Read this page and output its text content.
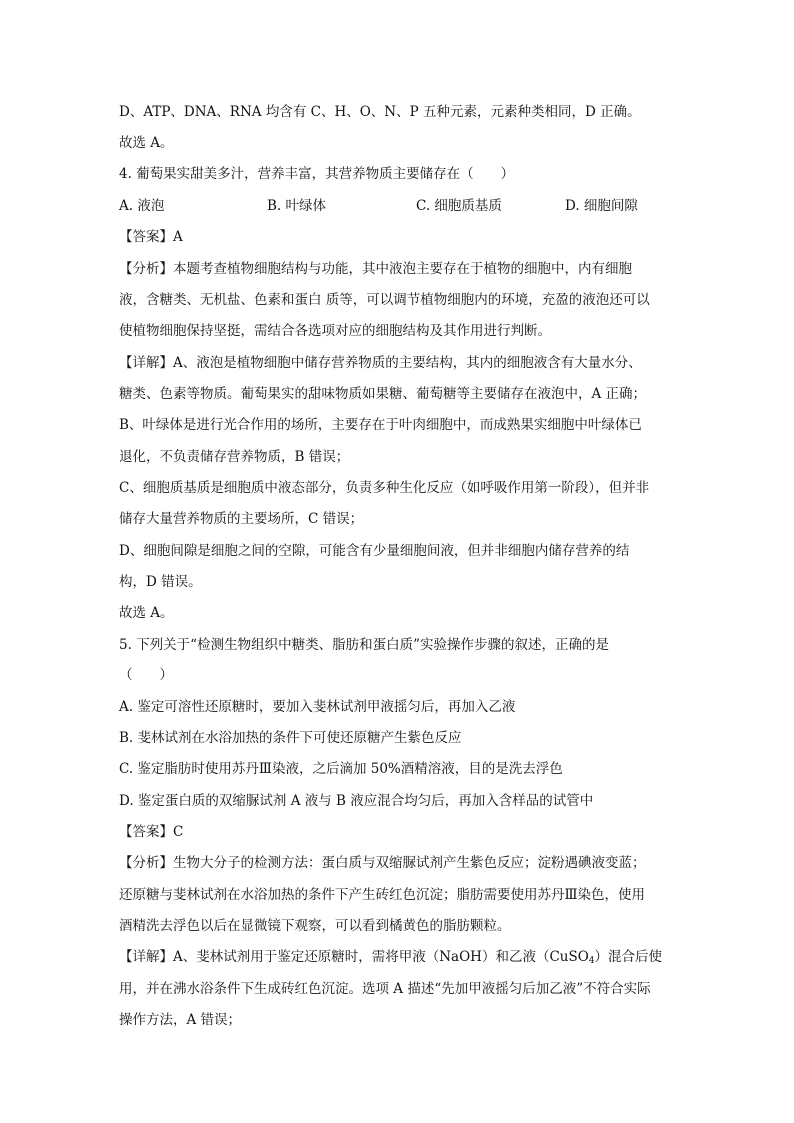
D、ATP、DNA、RNA 均含有 C、H、O、N、P 五种元素，元素种类相同，D 正确。
故选 A。
4. 葡萄果实甜美多汁，营养丰富，其营养物质主要储存在（　　）
A. 液泡	B. 叶绿体	C. 细胞质基质	D. 细胞间隙
【答案】A
【分析】本题考查植物细胞结构与功能，其中液泡主要存在于植物的细胞中，内有细胞
液，含糖类、无机盐、色素和蛋白 质等，可以调节植物细胞内的环境，充盈的液泡还可以
使植物细胞保持坚挺，需结合各选项对应的细胞结构及其作用进行判断。
【详解】A、液泡是植物细胞中储存营养物质的主要结构，其内的细胞液含有大量水分、
糖类、色素等物质。葡萄果实的甜味物质如果糖、葡萄糖等主要储存在液泡中，A 正确；
B、叶绿体是进行光合作用的场所，主要存在于叶肉细胞中，而成熟果实细胞中叶绿体已
退化，不负责储存营养物质，B 错误；
C、细胞质基质是细胞质中液态部分，负责多种生化反应（如呼吸作用第一阶段），但并非
储存大量营养物质的主要场所，C 错误；
D、细胞间隙是细胞之间的空隙，可能含有少量细胞间液，但并非细胞内储存营养的结
构，D 错误。
故选 A。
5. 下列关于“检测生物组织中糖类、脂肪和蛋白质”实验操作步骤的叙述，正确的是
（　　）
A. 鉴定可溶性还原糖时，要加入斐林试剂甲液摇匀后，再加入乙液
B. 斐林试剂在水浴加热的条件下可使还原糖产生紫色反应
C. 鉴定脂肪时使用苏丹Ⅲ染液，之后滴加 50%酒精溶液，目的是洗去浮色
D. 鉴定蛋白质的双缩脲试剂 A 液与 B 液应混合均匀后，再加入含样品的试管中
【答案】C
【分析】生物大分子的检测方法：蛋白质与双缩脲试剂产生紫色反应；淀粉遇碘液变蓝；
还原糖与斐林试剂在水浴加热的条件下产生砖红色沉淀；脂肪需要使用苏丹Ⅲ染色，使用
酒精洗去浮色以后在显微镜下观察，可以看到橘黄色的脂肪颗粒。
【详解】A、斐林试剂用于鉴定还原糖时，需将甲液（NaOH）和乙液（CuSO$_4$）混合后使
用，并在沸水浴条件下生成砖红色沉淀。选项 A 描述“先加甲液摇匀后加乙液”不符合实际
操作方法，A 错误；
